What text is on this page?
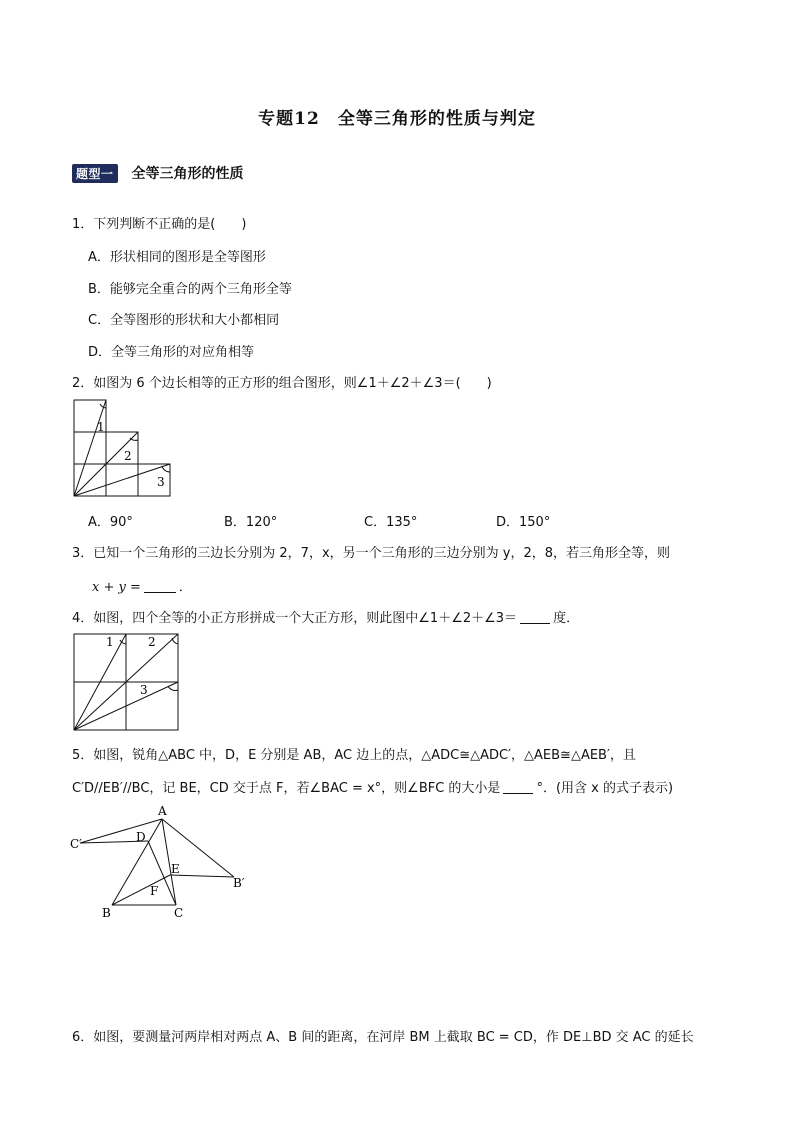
专题12　全等三角形的性质与判定
题型一 全等三角形的性质
1．下列判断不正确的是(　　)
A．形状相同的图形是全等图形
B．能够完全重合的两个三角形全等
C．全等图形的形状和大小都相同
D．全等三角形的对应角相等
2．如图为 6 个边长相等的正方形的组合图形，则∠1＋∠2＋∠3＝(　　)
1
2
3
A．90°	B．120°	C．135°	D．150°
3．已知一个三角形的三边长分别为 2，7，x，另一个三角形的三边分别为 y，2，8，若三角形全等，则
x + y =	．
4．如图，四个全等的小正方形拼成一个大正方形，则此图中∠1＋∠2＋∠3＝	度．
1	2
3
5．如图，锐角△ABC 中，D，E 分别是 AB，AC 边上的点，△ADC≅△ADC′，△AEB≅△AEB′，且
C′D//EB′//BC，记 BE，CD 交于点 F，若∠BAC = x°，则∠BFC 的大小是	°．(用含 x 的式子表示)
A
C′	D
E
B′
F
B	C
6．如图，要测量河两岸相对两点 A、B 间的距离，在河岸 BM 上截取 BC = CD，作 DE⊥BD 交 AC 的延长
